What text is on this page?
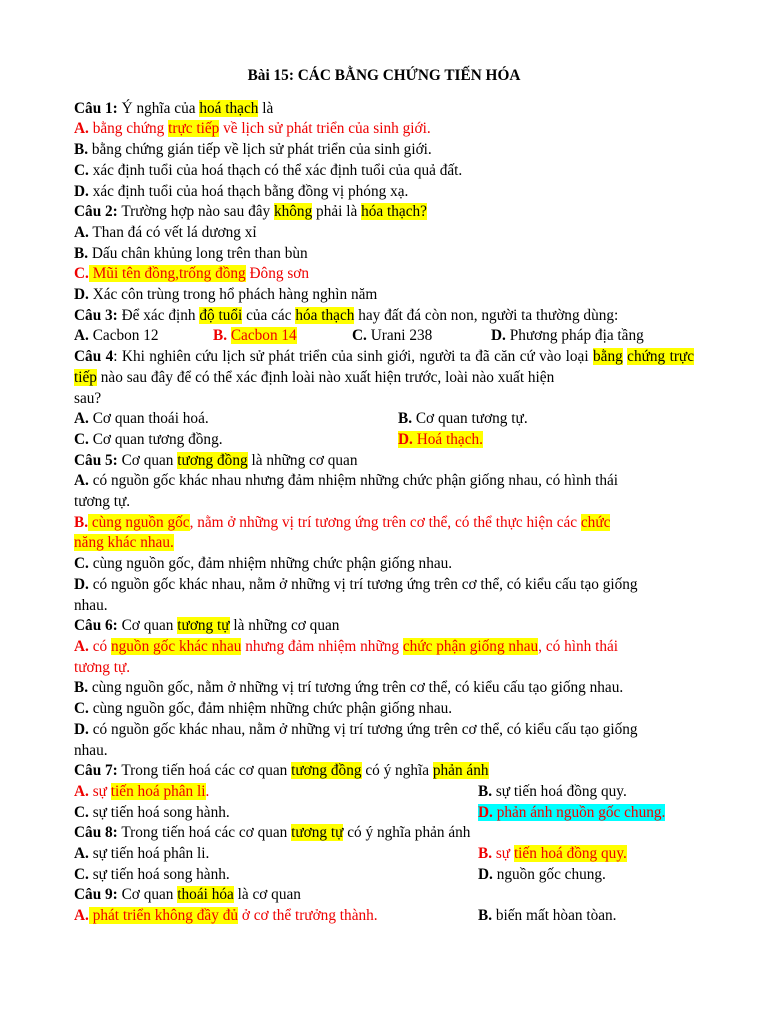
Bài 15: CÁC BẰNG CHỨNG TIẾN HÓA
Câu 1: Ý nghĩa của hoá thạch là
A. bằng chứng trực tiếp về lịch sử phát triển của sinh giới.
B. bằng chứng gián tiếp về lịch sử phát triển của sinh giới.
C. xác định tuổi của hoá thạch có thể xác định tuổi của quả đất.
D. xác định tuổi của hoá thạch bằng đồng vị phóng xạ.
Câu 2: Trường hợp nào sau đây không phải là hóa thạch?
A. Than đá có vết lá dương xỉ
B. Dấu chân khủng long trên than bùn
C. Mũi tên đồng,trống đồng Đông sơn
D. Xác côn trùng trong hổ phách hàng nghìn năm
Câu 3: Để xác định độ tuổi của các hóa thạch hay đất đá còn non, người ta thường dùng:
A. Cacbon 12	B. Cacbon 14	C. Urani 238	D. Phương pháp địa tầng
Câu 4: Khi nghiên cứu lịch sử phát triển của sinh giới, người ta đã căn cứ vào loại bằng chứng trực tiếp nào sau đây để có thể xác định loài nào xuất hiện trước, loài nào xuất hiện
sau?
A. Cơ quan thoái hoá.	B. Cơ quan tương tự.
C. Cơ quan tương đồng.	D. Hoá thạch.
Câu 5: Cơ quan tương đồng là những cơ quan
A. có nguồn gốc khác nhau nhưng đảm nhiệm những chức phận giống nhau, có hình thái
tương tự.
B. cùng nguồn gốc, nằm ở những vị trí tương ứng trên cơ thể, có thể thực hiện các chức
năng khác nhau.
C. cùng nguồn gốc, đảm nhiệm những chức phận giống nhau.
D. có nguồn gốc khác nhau, nằm ở những vị trí tương ứng trên cơ thể, có kiểu cấu tạo giống
nhau.
Câu 6: Cơ quan tương tự là những cơ quan
A. có nguồn gốc khác nhau nhưng đảm nhiệm những chức phận giống nhau, có hình thái
tương tự.
B. cùng nguồn gốc, nằm ở những vị trí tương ứng trên cơ thể, có kiểu cấu tạo giống nhau.
C. cùng nguồn gốc, đảm nhiệm những chức phận giống nhau.
D. có nguồn gốc khác nhau, nằm ở những vị trí tương ứng trên cơ thể, có kiểu cấu tạo giống
nhau.
Câu 7: Trong tiến hoá các cơ quan tương đồng có ý nghĩa phản ánh
A. sự tiến hoá phân li.	B. sự tiến hoá đồng quy.
C. sự tiến hoá song hành.	D. phản ánh nguồn gốc chung.
Câu 8: Trong tiến hoá các cơ quan tương tự có ý nghĩa phản ánh
A. sự tiến hoá phân li.	B. sự tiến hoá đồng quy.
C. sự tiến hoá song hành.	D. nguồn gốc chung.
Câu 9: Cơ quan thoái hóa là cơ quan
A. phát triển không đầy đủ ở cơ thể trưởng thành.	B. biến mất hòan tòan.
